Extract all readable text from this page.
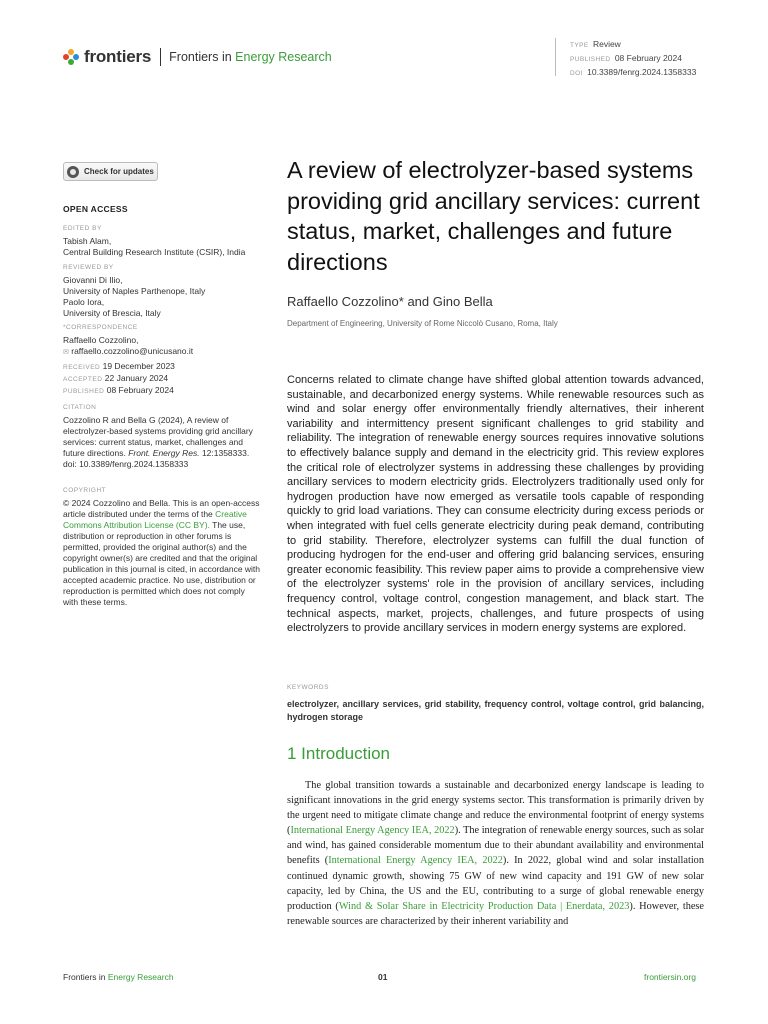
frontiers Frontiers in Energy Research
TYPE Review
PUBLISHED 08 February 2024
DOI 10.3389/fenrg.2024.1358333
Check for updates
OPEN ACCESS
EDITED BY
Tabish Alam,
Central Building Research Institute (CSIR), India
REVIEWED BY
Giovanni Di Ilio,
University of Naples Parthenope, Italy
Paolo Iora,
University of Brescia, Italy
*CORRESPONDENCE
Raffaello Cozzolino,
✉ raffaello.cozzolino@unicusano.it
RECEIVED 19 December 2023
ACCEPTED 22 January 2024
PUBLISHED 08 February 2024
CITATION
Cozzolino R and Bella G (2024), A review of electrolyzer-based systems providing grid ancillary services: current status, market, challenges and future directions. Front. Energy Res. 12:1358333.
doi: 10.3389/fenrg.2024.1358333
COPYRIGHT
© 2024 Cozzolino and Bella. This is an open-access article distributed under the terms of the Creative Commons Attribution License (CC BY). The use, distribution or reproduction in other forums is permitted, provided the original author(s) and the copyright owner(s) are credited and that the original publication in this journal is cited, in accordance with accepted academic practice. No use, distribution or reproduction is permitted which does not comply with these terms.
A review of electrolyzer-based systems providing grid ancillary services: current status, market, challenges and future directions
Raffaello Cozzolino* and Gino Bella
Department of Engineering, University of Rome Niccolò Cusano, Roma, Italy
Concerns related to climate change have shifted global attention towards advanced, sustainable, and decarbonized energy systems. While renewable resources such as wind and solar energy offer environmentally friendly alternatives, their inherent variability and intermittency present significant challenges to grid stability and reliability. The integration of renewable energy sources requires innovative solutions to effectively balance supply and demand in the electricity grid. This review explores the critical role of electrolyzer systems in addressing these challenges by providing ancillary services to modern electricity grids. Electrolyzers traditionally used only for hydrogen production have now emerged as versatile tools capable of responding quickly to grid load variations. They can consume electricity during excess periods or when integrated with fuel cells generate electricity during peak demand, contributing to grid stability. Therefore, electrolyzer systems can fulfill the dual function of producing hydrogen for the end-user and offering grid balancing services, ensuring greater economic feasibility. This review paper aims to provide a comprehensive view of the electrolyzer systems' role in the provision of ancillary services, including frequency control, voltage control, congestion management, and black start. The technical aspects, market, projects, challenges, and future prospects of using electrolyzers to provide ancillary services in modern energy systems are explored.
KEYWORDS
electrolyzer, ancillary services, grid stability, frequency control, voltage control, grid balancing, hydrogen storage
1 Introduction
The global transition towards a sustainable and decarbonized energy landscape is leading to significant innovations in the grid energy systems sector. This transformation is primarily driven by the urgent need to mitigate climate change and reduce the environmental footprint of energy systems (International Energy Agency IEA, 2022). The integration of renewable energy sources, such as solar and wind, has gained considerable momentum due to their abundant availability and environmental benefits (International Energy Agency IEA, 2022). In 2022, global wind and solar installation continued dynamic growth, showing 75 GW of new wind capacity and 191 GW of new solar capacity, led by China, the US and the EU, contributing to a surge of global renewable energy production (Wind & Solar Share in Electricity Production Data | Enerdata, 2023). However, these renewable sources are characterized by their inherent variability and
Frontiers in Energy Research	01	frontiersin.org
